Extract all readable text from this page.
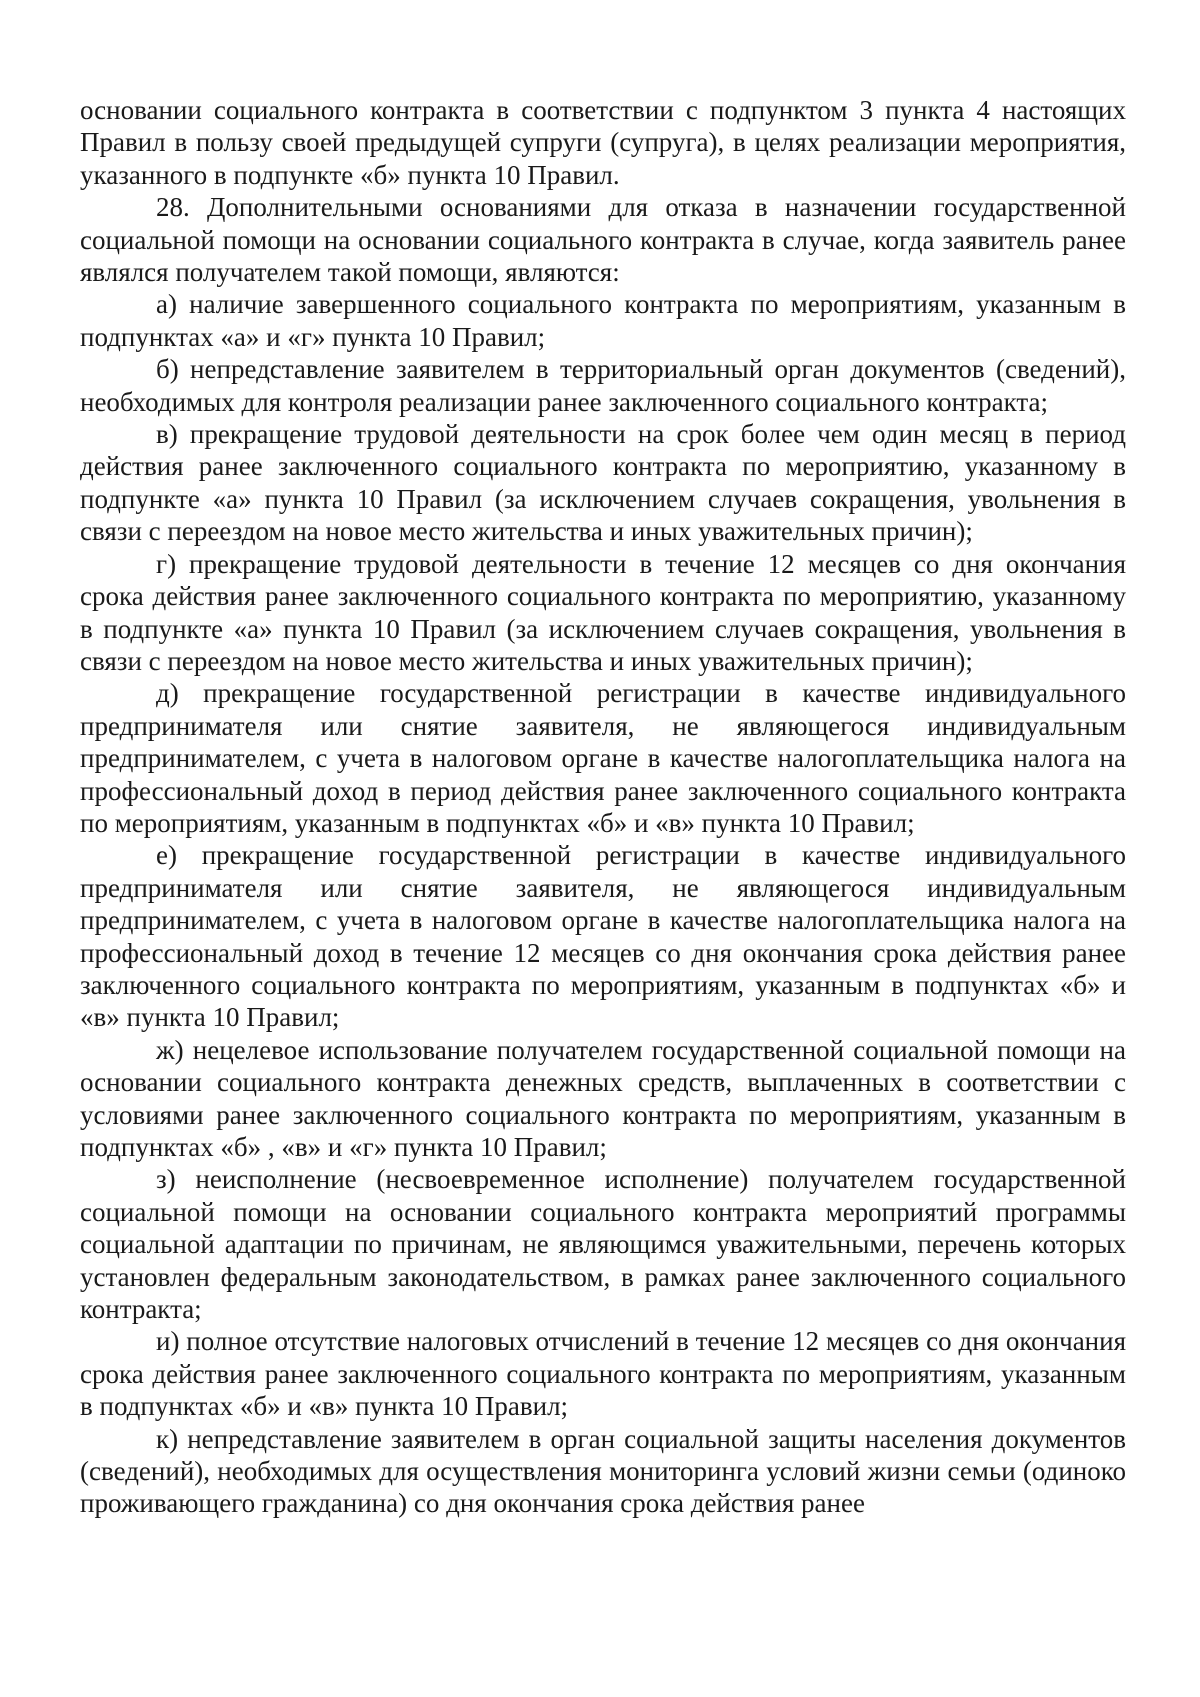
основании социального контракта в соответствии с подпунктом 3 пункта 4 настоящих Правил в пользу своей предыдущей супруги (супруга), в целях реализации мероприятия, указанного в подпункте «б» пункта 10 Правил.

28. Дополнительными основаниями для отказа в назначении государственной социальной помощи на основании социального контракта в случае, когда заявитель ранее являлся получателем такой помощи, являются:

а) наличие завершенного социального контракта по мероприятиям, указанным в подпунктах «а» и «г» пункта 10 Правил;

б) непредставление заявителем в территориальный орган документов (сведений), необходимых для контроля реализации ранее заключенного социального контракта;

в) прекращение трудовой деятельности на срок более чем один месяц в период действия ранее заключенного социального контракта по мероприятию, указанному в подпункте «а» пункта 10 Правил (за исключением случаев сокращения, увольнения в связи с переездом на новое место жительства и иных уважительных причин);

г) прекращение трудовой деятельности в течение 12 месяцев со дня окончания срока действия ранее заключенного социального контракта по мероприятию, указанному в подпункте «а» пункта 10 Правил (за исключением случаев сокращения, увольнения в связи с переездом на новое место жительства и иных уважительных причин);

д) прекращение государственной регистрации в качестве индивидуального предпринимателя или снятие заявителя, не являющегося индивидуальным предпринимателем, с учета в налоговом органе в качестве налогоплательщика налога на профессиональный доход в период действия ранее заключенного социального контракта по мероприятиям, указанным в подпунктах «б» и «в» пункта 10 Правил;

е) прекращение государственной регистрации в качестве индивидуального предпринимателя или снятие заявителя, не являющегося индивидуальным предпринимателем, с учета в налоговом органе в качестве налогоплательщика налога на профессиональный доход в течение 12 месяцев со дня окончания срока действия ранее заключенного социального контракта по мероприятиям, указанным в подпунктах «б» и «в» пункта 10 Правил;

ж) нецелевое использование получателем государственной социальной помощи на основании социального контракта денежных средств, выплаченных в соответствии с условиями ранее заключенного социального контракта по мероприятиям, указанным в подпунктах «б» , «в» и «г» пункта 10 Правил;

з) неисполнение (несвоевременное исполнение) получателем государственной социальной помощи на основании социального контракта мероприятий программы социальной адаптации по причинам, не являющимся уважительными, перечень которых установлен федеральным законодательством, в рамках ранее заключенного социального контракта;

и) полное отсутствие налоговых отчислений в течение 12 месяцев со дня окончания срока действия ранее заключенного социального контракта по мероприятиям, указанным в подпунктах «б» и «в» пункта 10 Правил;

к) непредставление заявителем в орган социальной защиты населения документов (сведений), необходимых для осуществления мониторинга условий жизни семьи (одиноко проживающего гражданина) со дня окончания срока действия ранее
